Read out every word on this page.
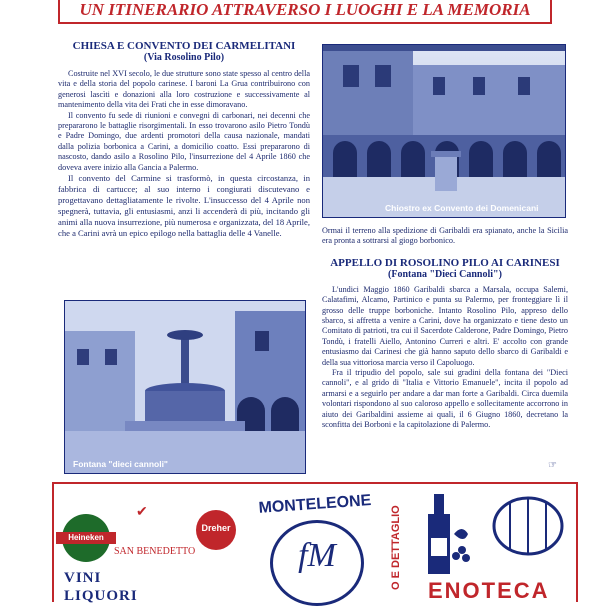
UN ITINERARIO ATTRAVERSO I LUOGHI E LA MEMORIA
CHIESA E CONVENTO DEI CARMELITANI
(Via Rosolino Pilo)

Costruite nel XVI secolo, le due strutture sono state spesso al centro della vita e della storia del popolo carinese. I baroni La Grua contribuirono con generosi lascìti e donazioni alla loro costruzione e successivamente al mantenimento della vita dei Frati che in esse dimoravano.

Il convento fu sede di riunioni e convegni di carbonari, nei decenni che prepararono le battaglie risorgimentali. In esso trovarono asilo Pietro Tondù e Padre Domingo, due ardenti promotori della causa nazionale, mandati dalla polizia borbonica a Carini, a domicilio coatto. Essi prepararono di nascosto, dando asilo a Rosolino Pilo, l'insurrezione del 4 Aprile 1860 che doveva avere inizio alla Gancia a Palermo.

Il convento del Carmine si trasformò, in questa circostanza, in fabbrica di cartucce; al suo interno i congiurati discutevano e progettavano dettagliatamente le rivolte. L'insuccesso del 4 Aprile non spegnerà, tuttavia, gli entusiasmi, anzi li accenderà di più, incitando gli animi alla nuova insurrezione, più numerosa e organizzata, del 18 Aprile, che a Carini avrà un epico epilogo nella battaglia delle 4 Vanelle.

Chiostro ex Convento dei Domenicani

Ormai il terreno alla spedizione di Garibaldi era spianato, anche la Sicilia era pronta a sottrarsi al giogo borbonico.

APPELLO DI ROSOLINO PILO AI CARINESI
(Fontana "Dieci Cannoli")

L'undici Maggio 1860 Garibaldi sbarca a Marsala, occupa Salemi, Calatafimi, Alcamo, Partinico e punta su Palermo, per fronteggiare lì il grosso delle truppe borboniche. Intanto Rosolino Pilo, appreso dello sbarco, si affretta a venire a Carini, dove ha organizzato e tiene desto un Comitato di patrioti, tra cui il Sacerdote Calderone, Padre Domingo, Pietro Tondù, i fratelli Aiello, Antonino Curreri e altri. E' accolto con grande entusiasmo dai Carinesi che già hanno saputo dello sbarco di Garibaldi e della sua vittoriosa marcia verso il Capoluogo.

Fra il tripudio del popolo, sale sui gradini della fontana dei "Dieci cannoli", e al grido di "Italia e Vittorio Emanuele", incita il popolo ad armarsi e a seguirlo per andare a dar man forte a Garibaldi. Circa duemila volontari rispondono al suo caloroso appello e sollecitamente accorrono in aiuto dei Garibaldini assieme ai quali, il 6 Giugno 1860, decretano la sconfitta dei Borboni e la capitolazione di Palermo.

Fontana "dieci cannoli"	☞
Heineken
✔
SAN BENEDETTO
Dreher
VINI
LIQUORI
MONTELEONE
fM	O E DETTAGLIO
ENOTECA
